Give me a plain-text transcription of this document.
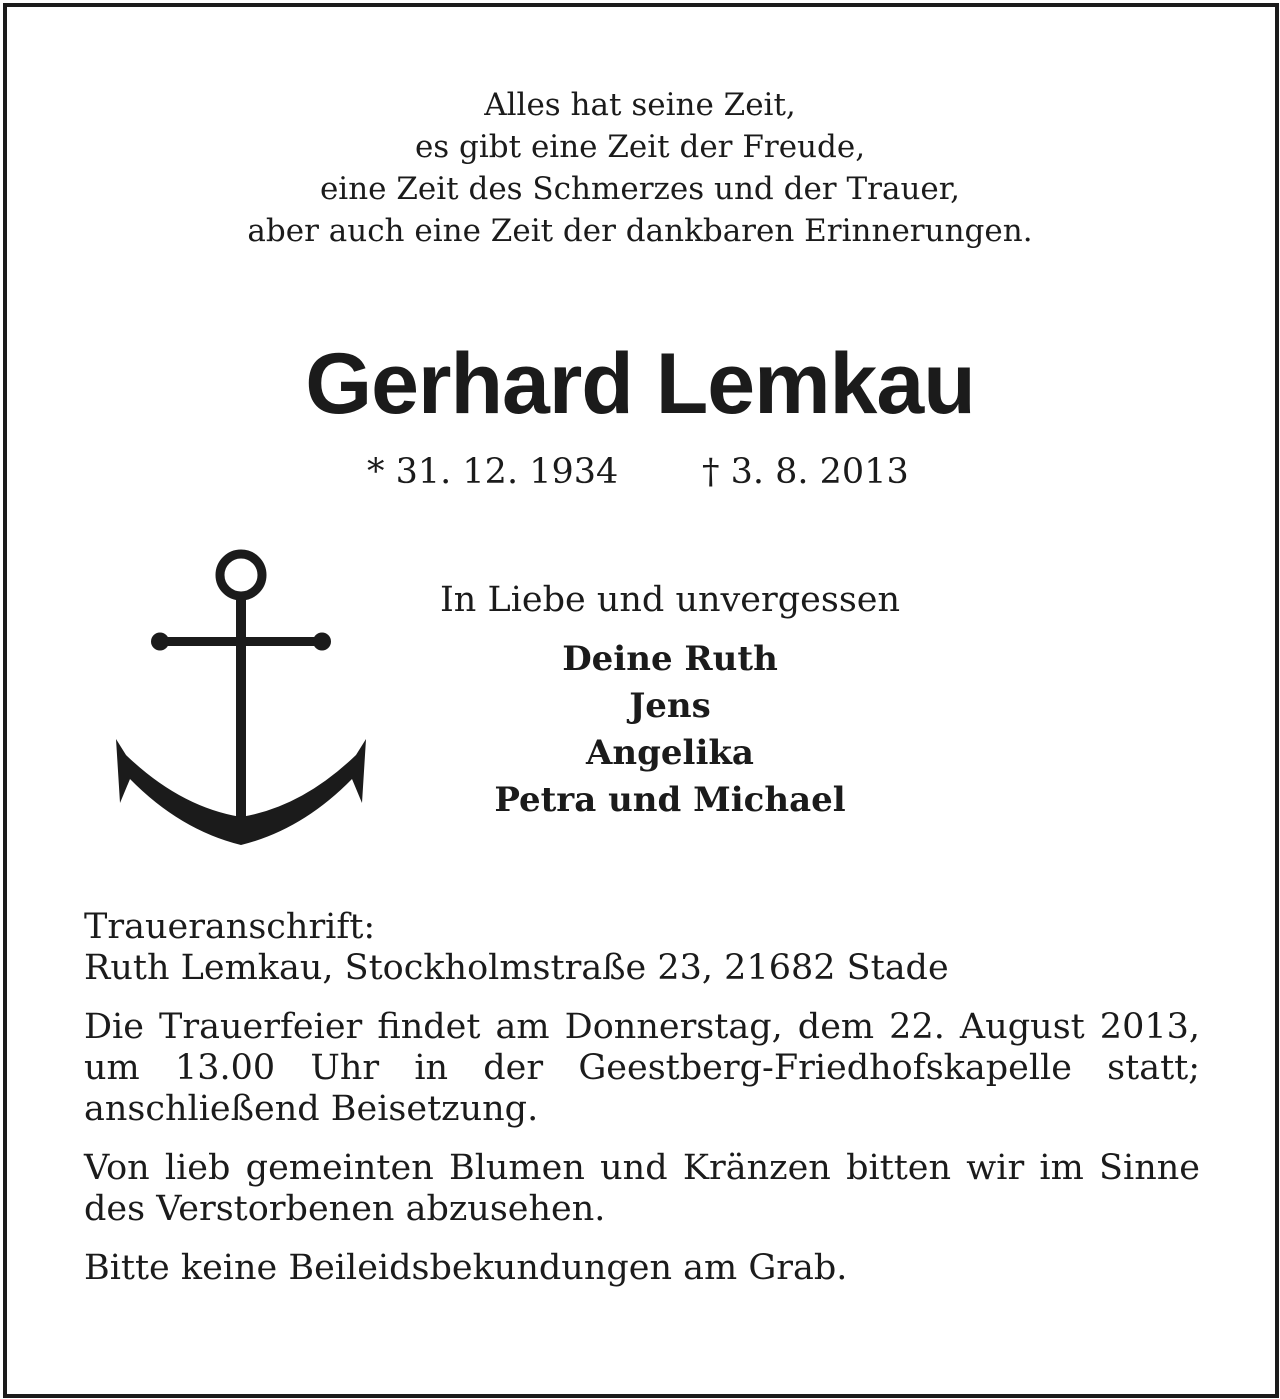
Alles hat seine Zeit,
es gibt eine Zeit der Freude,
eine Zeit des Schmerzes und der Trauer,
aber auch eine Zeit der dankbaren Erinnerungen.
Gerhard Lemkau
* 31. 12. 1934 † 3. 8. 2013
In Liebe und unvergessen
Deine Ruth
Jens
Angelika
Petra und Michael

Traueranschrift:
Ruth Lemkau, Stockholmstraße 23, 21682 Stade

Die Trauerfeier findet am Donnerstag, dem 22. August 2013, um 13.00 Uhr in der Geestberg-Friedhofskapelle statt; anschließend Beisetzung.

Von lieb gemeinten Blumen und Kränzen bitten wir im Sinne des Verstorbenen abzusehen.

Bitte keine Beileidsbekundungen am Grab.
